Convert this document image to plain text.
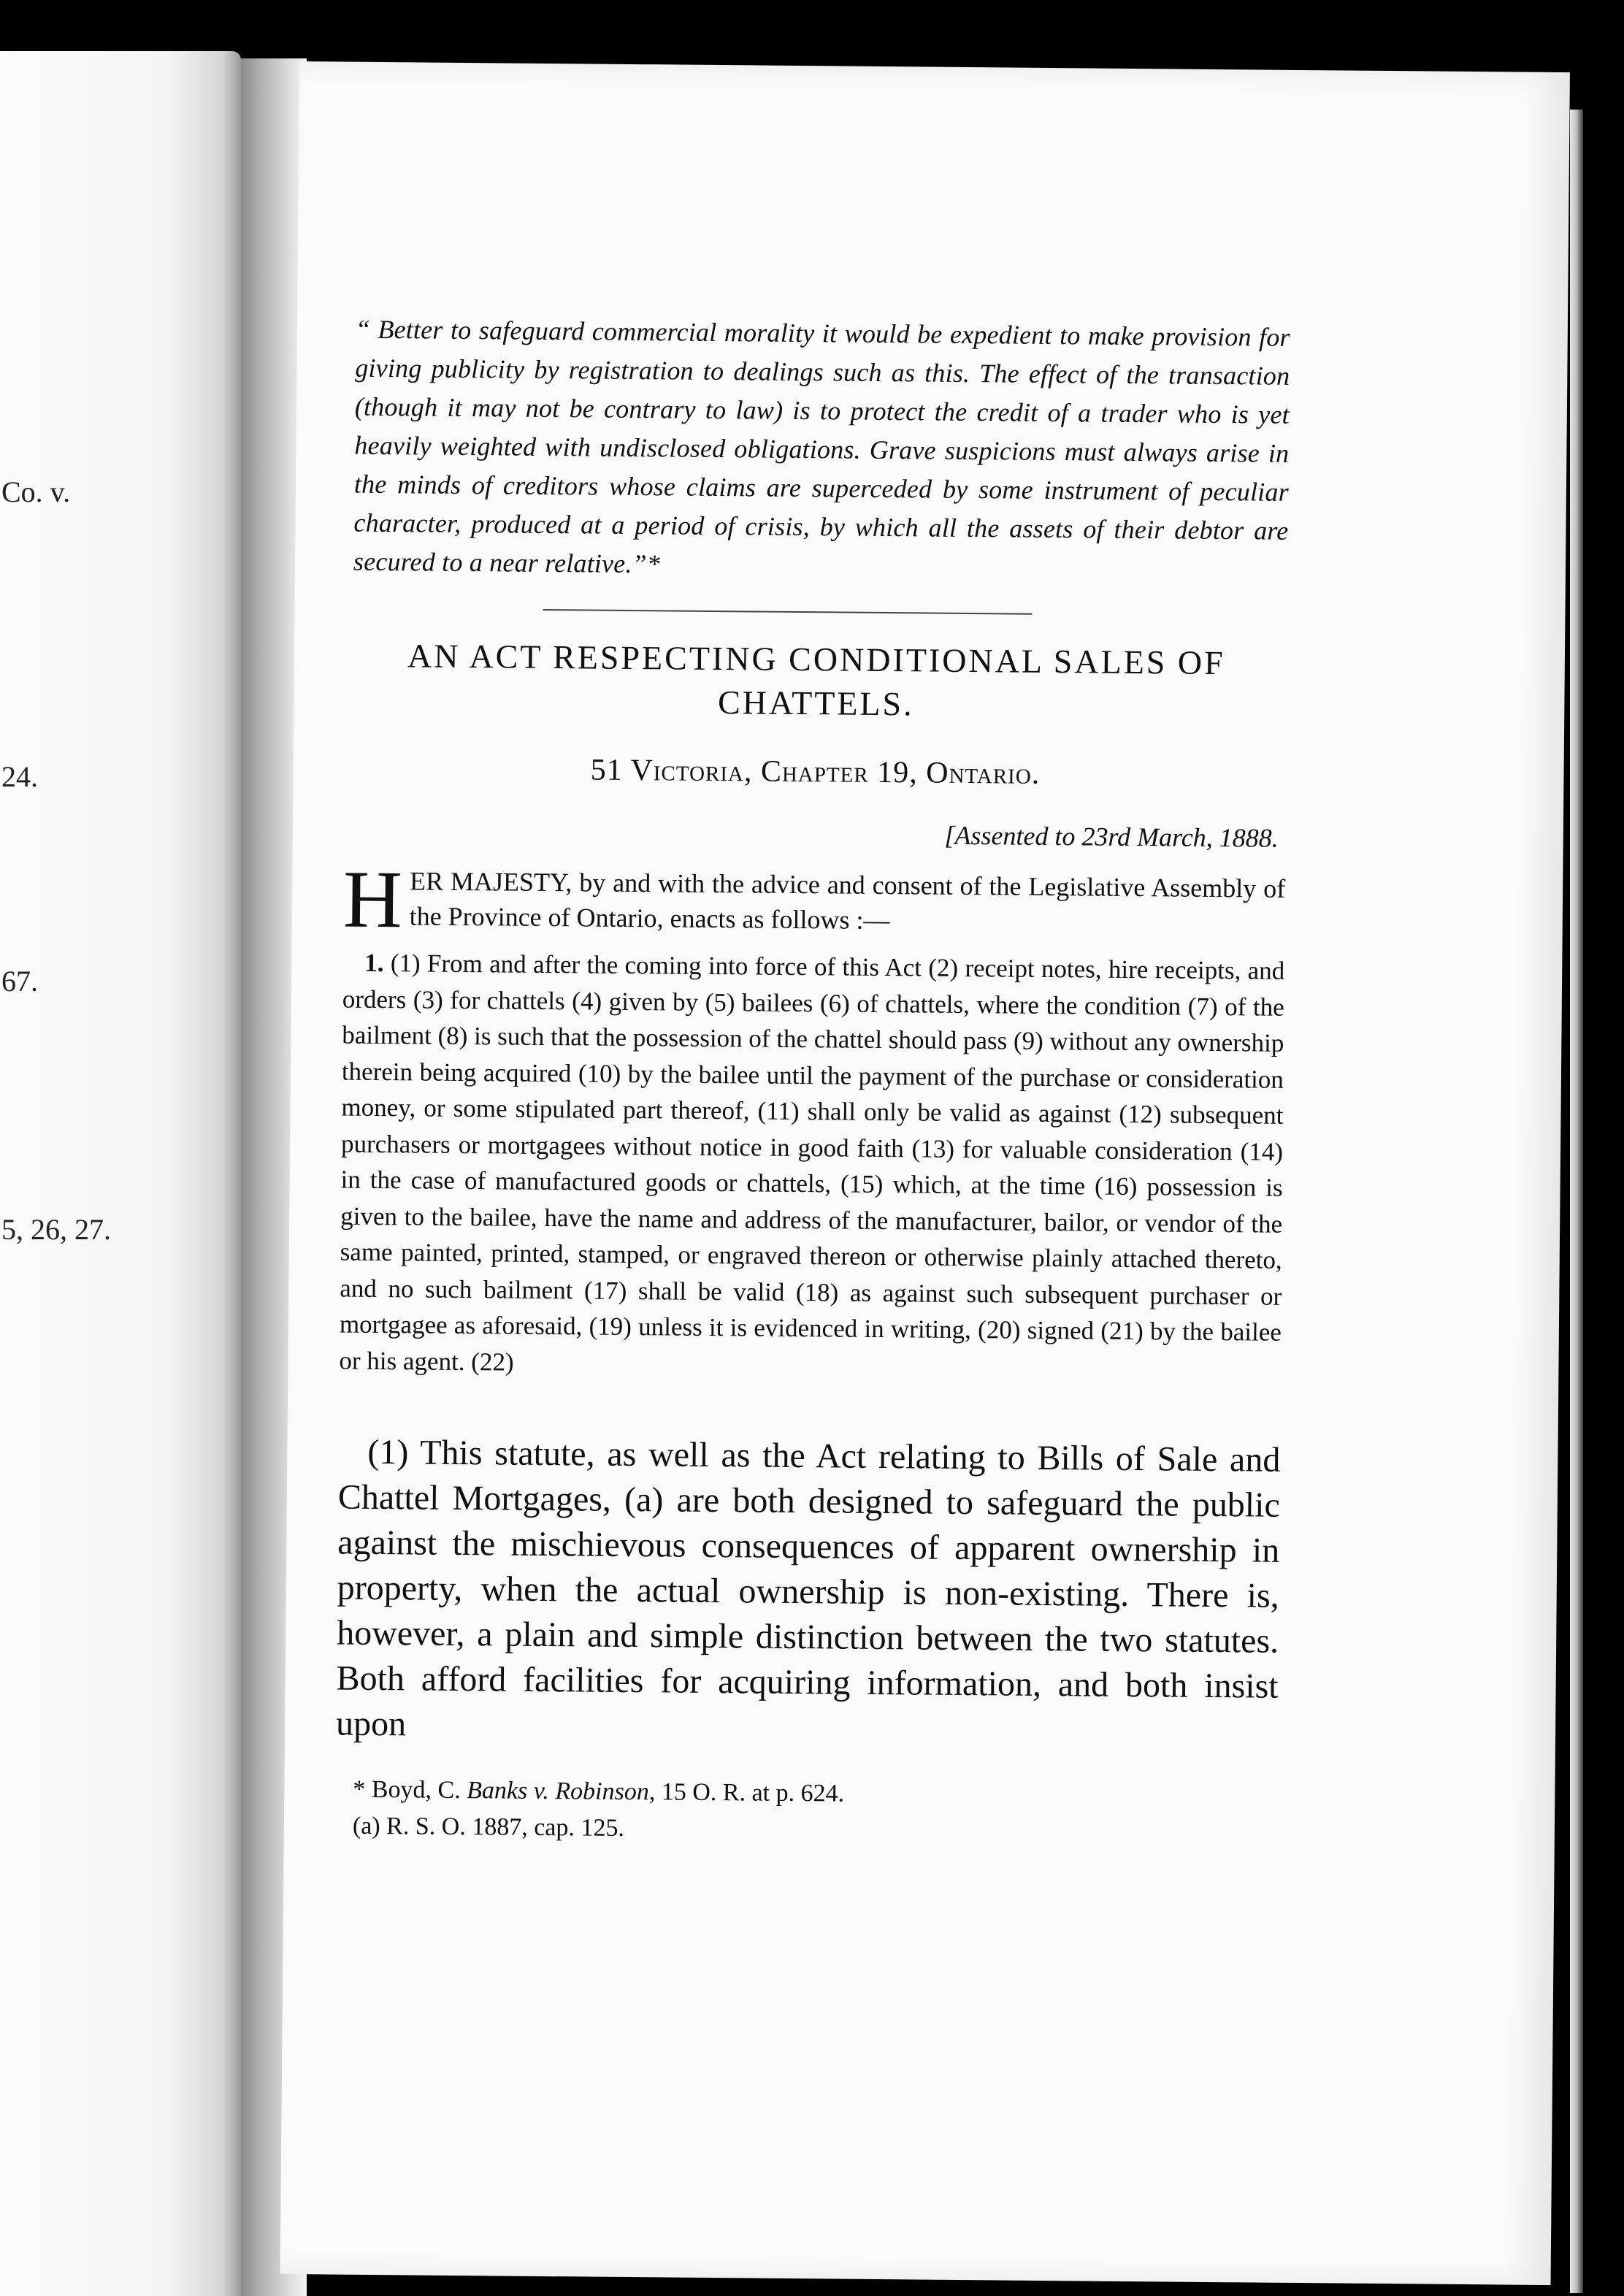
Co. v.
24.
67.
5, 26, 27.

“ Better to safeguard commercial morality it would be expedient to make provision for giving publicity by registration to dealings such as this. The effect of the transaction (though it may not be contrary to law) is to protect the credit of a trader who is yet heavily weighted with undisclosed obligations. Grave suspicions must always arise in the minds of creditors whose claims are superceded by some instrument of peculiar character, produced at a period of crisis, by which all the assets of their debtor are secured to a near relative.”*

AN ACT RESPECTING CONDITIONAL SALES OF
CHATTELS.
51 Victoria, Chapter 19, Ontario.
[Assented to 23rd March, 1888.

H ER MAJESTY, by and with the advice and consent of the Legislative Assembly of the Province of Ontario, enacts as follows :—

1. (1) From and after the coming into force of this Act (2) receipt notes, hire receipts, and orders (3) for chattels (4) given by (5) bailees (6) of chattels, where the condition (7) of the bailment (8) is such that the possession of the chattel should pass (9) without any ownership therein being acquired (10) by the bailee until the payment of the purchase or consideration money, or some stipulated part thereof, (11) shall only be valid as against (12) subsequent purchasers or mortgagees without notice in good faith (13) for valuable consideration (14) in the case of manufactured goods or chattels, (15) which, at the time (16) possession is given to the bailee, have the name and address of the manufacturer, bailor, or vendor of the same painted, printed, stamped, or engraved thereon or otherwise plainly attached thereto, and no such bailment (17) shall be valid (18) as against such subsequent purchaser or mortgagee as aforesaid, (19) unless it is evidenced in writing, (20) signed (21) by the bailee or his agent. (22)

(1) This statute, as well as the Act relating to Bills of Sale and Chattel Mortgages, (a) are both designed to safeguard the public against the mischievous consequences of apparent ownership in property, when the actual ownership is non-existing. There is, however, a plain and simple distinction between the two statutes. Both afford facilities for acquiring information, and both insist upon

* Boyd, C. Banks v. Robinson, 15 O. R. at p. 624.
(a) R. S. O. 1887, cap. 125.
